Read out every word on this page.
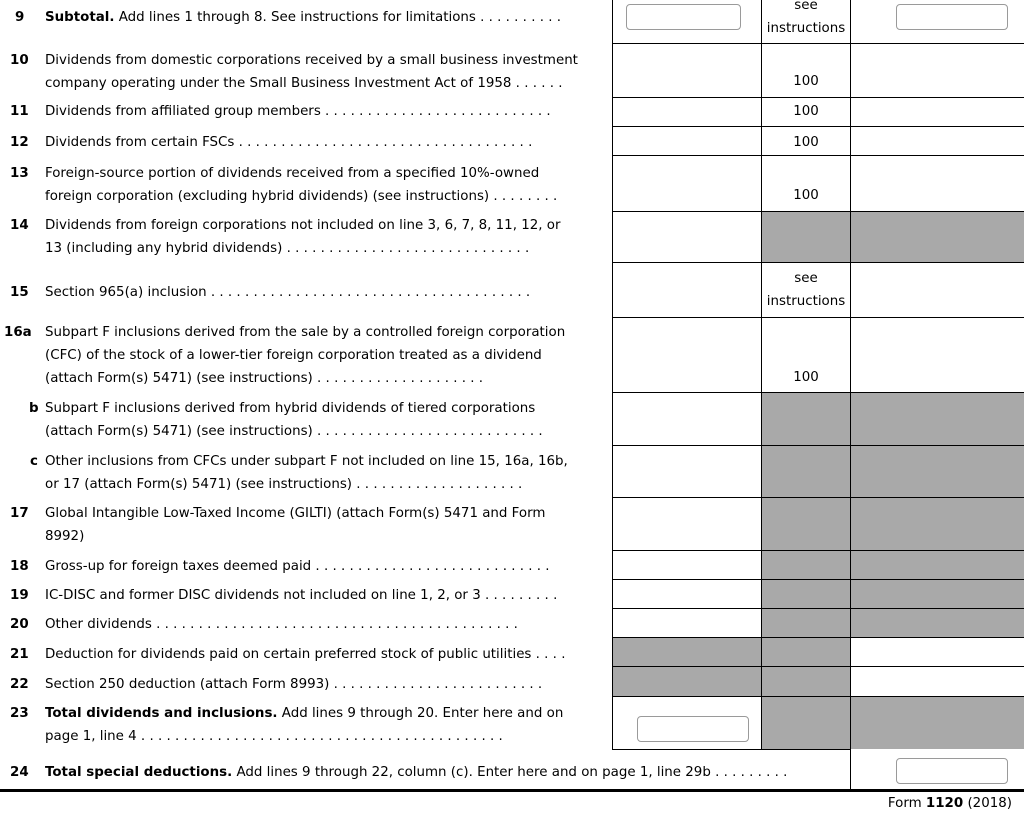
see
instructions
100
100
100
100
see
instructions
100
9 Subtotal. Add lines 1 through 8. See instructions for limitations . . . . . . . . . .
10 Dividends from domestic corporations received by a small business investment
company operating under the Small Business Investment Act of 1958 . . . . . .
11 Dividends from affiliated group members . . . . . . . . . . . . . . . . . . . . . . . . . . .
12 Dividends from certain FSCs . . . . . . . . . . . . . . . . . . . . . . . . . . . . . . . . . . .
13 Foreign-source portion of dividends received from a specified 10%-owned
foreign corporation (excluding hybrid dividends) (see instructions) . . . . . . . .
14 Dividends from foreign corporations not included on line 3, 6, 7, 8, 11, 12, or
13 (including any hybrid dividends) . . . . . . . . . . . . . . . . . . . . . . . . . . . . .
15 Section 965(a) inclusion . . . . . . . . . . . . . . . . . . . . . . . . . . . . . . . . . . . . . .
16a Subpart F inclusions derived from the sale by a controlled foreign corporation
(CFC) of the stock of a lower-tier foreign corporation treated as a dividend
(attach Form(s) 5471) (see instructions) . . . . . . . . . . . . . . . . . . . .
b Subpart F inclusions derived from hybrid dividends of tiered corporations
(attach Form(s) 5471) (see instructions) . . . . . . . . . . . . . . . . . . . . . . . . . . .
c Other inclusions from CFCs under subpart F not included on line 15, 16a, 16b,
or 17 (attach Form(s) 5471) (see instructions) . . . . . . . . . . . . . . . . . . . .
17 Global Intangible Low-Taxed Income (GILTI) (attach Form(s) 5471 and Form
8992)
18 Gross-up for foreign taxes deemed paid . . . . . . . . . . . . . . . . . . . . . . . . . . . .
19 IC-DISC and former DISC dividends not included on line 1, 2, or 3 . . . . . . . . .
20 Other dividends . . . . . . . . . . . . . . . . . . . . . . . . . . . . . . . . . . . . . . . . . . .
21 Deduction for dividends paid on certain preferred stock of public utilities . . . .
22 Section 250 deduction (attach Form 8993) . . . . . . . . . . . . . . . . . . . . . . . . .
23 Total dividends and inclusions. Add lines 9 through 20. Enter here and on
page 1, line 4 . . . . . . . . . . . . . . . . . . . . . . . . . . . . . . . . . . . . . . . . . . .
24 Total special deductions. Add lines 9 through 22, column (c). Enter here and on page 1, line 29b . . . . . . . . .
Form 1120 (2018)
